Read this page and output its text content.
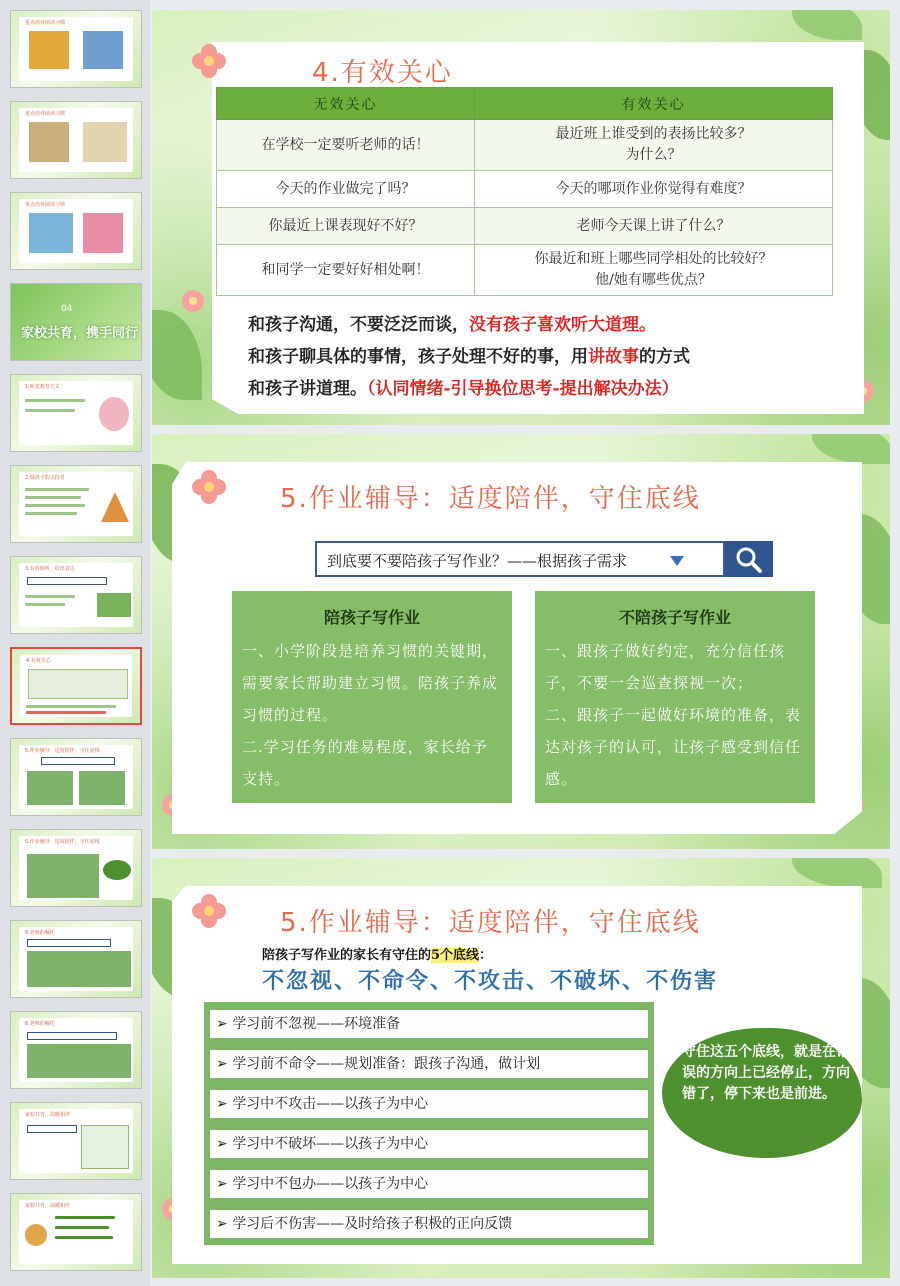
重点培养阅读习惯
重点培养阅读习惯
重点培养阅读习惯
04
家校共育，携手同行
1.转变教育方式
2.做孩子的支持者
3.有效倾听，给出表达
4.有效关心
5.作业辅导：适度陪伴，守住底线
5.作业辅导：适度陪伴，守住底线
6.老师的嘱托
6.老师的嘱托
家校共育，温暖相伴
家校共育，温暖相伴
4.有效关心
无效关心	有效关心
在学校一定要听老师的话！	最近班上谁受到的表扬比较多？
为什么？
今天的作业做完了吗？	今天的哪项作业你觉得有难度？
你最近上课表现好不好？	老师今天课上讲了什么？
和同学一定要好好相处啊！	你最近和班上哪些同学相处的比较好？
他/她有哪些优点？
和孩子沟通，不要泛泛而谈，没有孩子喜欢听大道理。
和孩子聊具体的事情，孩子处理不好的事，用讲故事的方式
和孩子讲道理。（认同情绪-引导换位思考-提出解决办法）
5.作业辅导：适度陪伴，守住底线
到底要不要陪孩子写作业？——根据孩子需求
陪孩子写作业
一、小学阶段是培养习惯的关键期，需要家长帮助建立习惯。陪孩子养成习惯的过程。
二.学习任务的难易程度，家长给予支持。
不陪孩子写作业
一、跟孩子做好约定，充分信任孩子，不要一会巡查探视一次；
二、跟孩子一起做好环境的准备，表达对孩子的认可，让孩子感受到信任感。
5.作业辅导：适度陪伴，守住底线
陪孩子写作业的家长有守住的5个底线：
不忽视、不命令、不攻击、不破坏、不伤害
➢ 学习前不忽视——环境准备
➢ 学习前不命令——规划准备：跟孩子沟通，做计划
➢ 学习中不攻击——以孩子为中心
➢ 学习中不破坏——以孩子为中心
➢ 学习中不包办——以孩子为中心
➢ 学习后不伤害——及时给孩子积极的正向反馈
守住这五个底线，就是在错误的方向上已经停止，方向错了，停下来也是前进。
